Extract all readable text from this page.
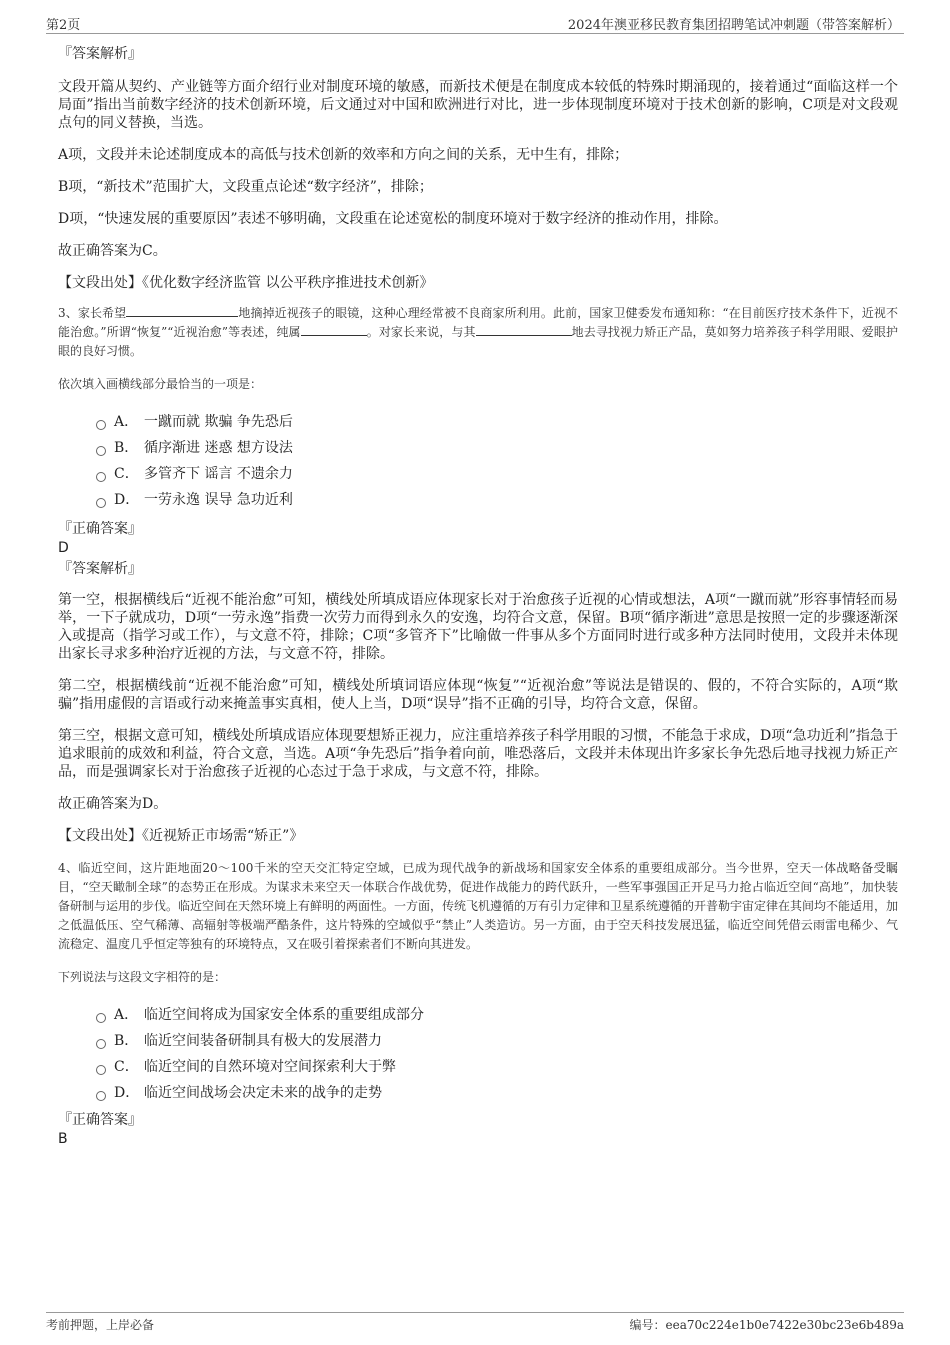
第2页	2024年澳亚移民教育集团招聘笔试冲刺题（带答案解析）
『答案解析』
文段开篇从契约、产业链等方面介绍行业对制度环境的敏感，而新技术便是在制度成本较低的特殊时期涌现的，接着通过“面临这样一个局面”指出当前数字经济的技术创新环境，后文通过对中国和欧洲进行对比，进一步体现制度环境对于技术创新的影响，C项是对文段观点句的同义替换，当选。
A项，文段并未论述制度成本的高低与技术创新的效率和方向之间的关系，无中生有，排除；
B项，“新技术”范围扩大，文段重点论述“数字经济”，排除；
D项，“快速发展的重要原因”表述不够明确，文段重在论述宽松的制度环境对于数字经济的推动作用，排除。
故正确答案为C。
【文段出处】《优化数字经济监管 以公平秩序推进技术创新》
3、家长希望	地摘掉近视孩子的眼镜，这种心理经常被不良商家所利用。此前，国家卫健委发布通知称：“在目前医疗技术条件下，近视不能治愈。”所谓“恢复”“近视治愈”等表述，纯属	。对家长来说，与其	地去寻找视力矫正产品，莫如努力培养孩子科学用眼、爱眼护眼的良好习惯。
依次填入画横线部分最恰当的一项是：
A． 一蹴而就 欺骗 争先恐后
B． 循序渐进 迷惑 想方设法
C． 多管齐下 谣言 不遗余力
D． 一劳永逸 误导 急功近利
『正确答案』
D
『答案解析』
第一空，根据横线后“近视不能治愈”可知，横线处所填成语应体现家长对于治愈孩子近视的心情或想法，A项“一蹴而就”形容事情轻而易举，一下子就成功，D项“一劳永逸”指费一次劳力而得到永久的安逸，均符合文意，保留。B项“循序渐进”意思是按照一定的步骤逐渐深入或提高（指学习或工作），与文意不符，排除；C项“多管齐下”比喻做一件事从多个方面同时进行或多种方法同时使用，文段并未体现出家长寻求多种治疗近视的方法，与文意不符，排除。
第二空，根据横线前“近视不能治愈”可知，横线处所填词语应体现“恢复”“近视治愈”等说法是错误的、假的，不符合实际的，A项“欺骗”指用虚假的言语或行动来掩盖事实真相，使人上当，D项“误导”指不正确的引导，均符合文意，保留。
第三空，根据文意可知，横线处所填成语应体现要想矫正视力，应注重培养孩子科学用眼的习惯，不能急于求成，D项“急功近利”指急于追求眼前的成效和利益，符合文意，当选。A项“争先恐后”指争着向前，唯恐落后，文段并未体现出许多家长争先恐后地寻找视力矫正产品，而是强调家长对于治愈孩子近视的心态过于急于求成，与文意不符，排除。
故正确答案为D。
【文段出处】《近视矫正市场需“矫正”》
4、临近空间，这片距地面20～100千米的空天交汇特定空域，已成为现代战争的新战场和国家安全体系的重要组成部分。当今世界，空天一体战略备受瞩目，“空天瞰制全球”的态势正在形成。为谋求未来空天一体联合作战优势，促进作战能力的跨代跃升，一些军事强国正开足马力抢占临近空间“高地”，加快装备研制与运用的步伐。临近空间在天然环境上有鲜明的两面性。一方面，传统飞机遵循的万有引力定律和卫星系统遵循的开普勒宇宙定律在其间均不能适用，加之低温低压、空气稀薄、高辐射等极端严酷条件，这片特殊的空域似乎“禁止”人类造访。另一方面，由于空天科技发展迅猛，临近空间凭借云雨雷电稀少、气流稳定、温度几乎恒定等独有的环境特点，又在吸引着探索者们不断向其进发。
下列说法与这段文字相符的是：
A． 临近空间将成为国家安全体系的重要组成部分
B． 临近空间装备研制具有极大的发展潜力
C． 临近空间的自然环境对空间探索利大于弊
D． 临近空间战场会决定未来的战争的走势
『正确答案』
B
考前押题，上岸必备	编号：eea70c224e1b0e7422e30bc23e6b489a
